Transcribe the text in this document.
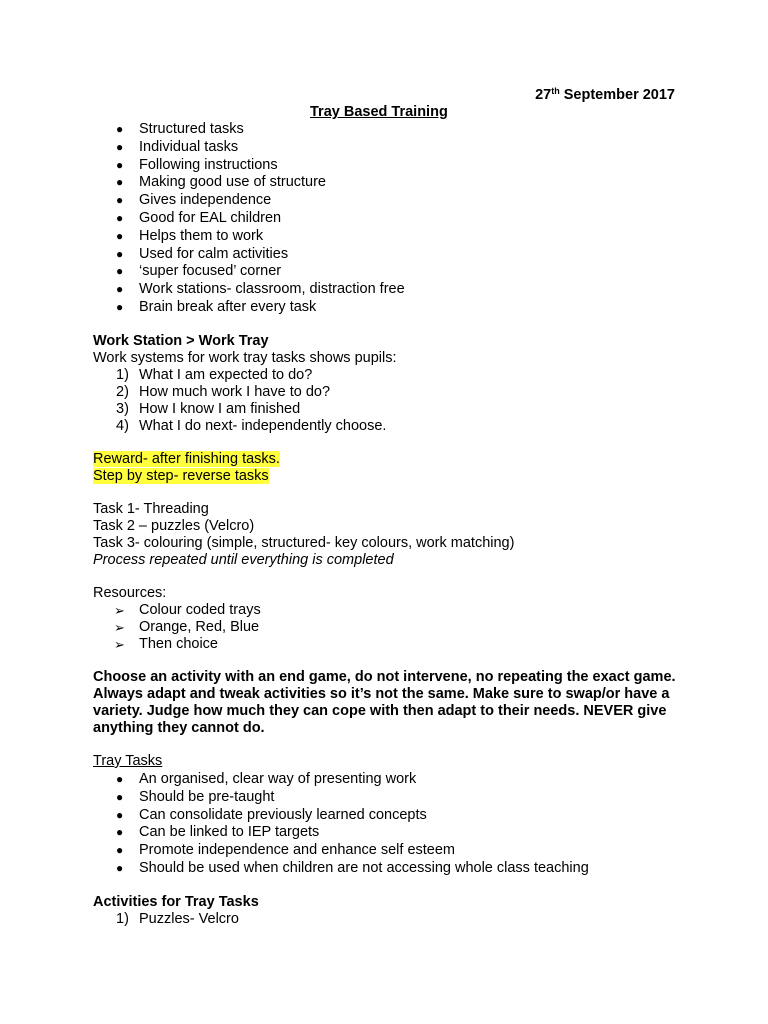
27th September 2017
Tray Based Training
● Structured tasks
● Individual tasks
● Following instructions
● Making good use of structure
● Gives independence
● Good for EAL children
● Helps them to work
● Used for calm activities
● ‘super focused’ corner
● Work stations- classroom, distraction free
● Brain break after every task
Work Station > Work Tray
Work systems for work tray tasks shows pupils:
1) What I am expected to do?
2) How much work I have to do?
3) How I know I am finished
4) What I do next- independently choose.
Reward- after finishing tasks.
Step by step- reverse tasks
Task 1- Threading
Task 2 – puzzles (Velcro)
Task 3- colouring (simple, structured- key colours, work matching)
Process repeated until everything is completed
Resources:
➢ Colour coded trays
➢ Orange, Red, Blue
➢ Then choice
Choose an activity with an end game, do not intervene, no repeating the exact game. Always adapt and tweak activities so it’s not the same. Make sure to swap/or have a variety. Judge how much they can cope with then adapt to their needs. NEVER give anything they cannot do.
Tray Tasks
● An organised, clear way of presenting work
● Should be pre-taught
● Can consolidate previously learned concepts
● Can be linked to IEP targets
● Promote independence and enhance self esteem
● Should be used when children are not accessing whole class teaching
Activities for Tray Tasks
1) Puzzles- Velcro
